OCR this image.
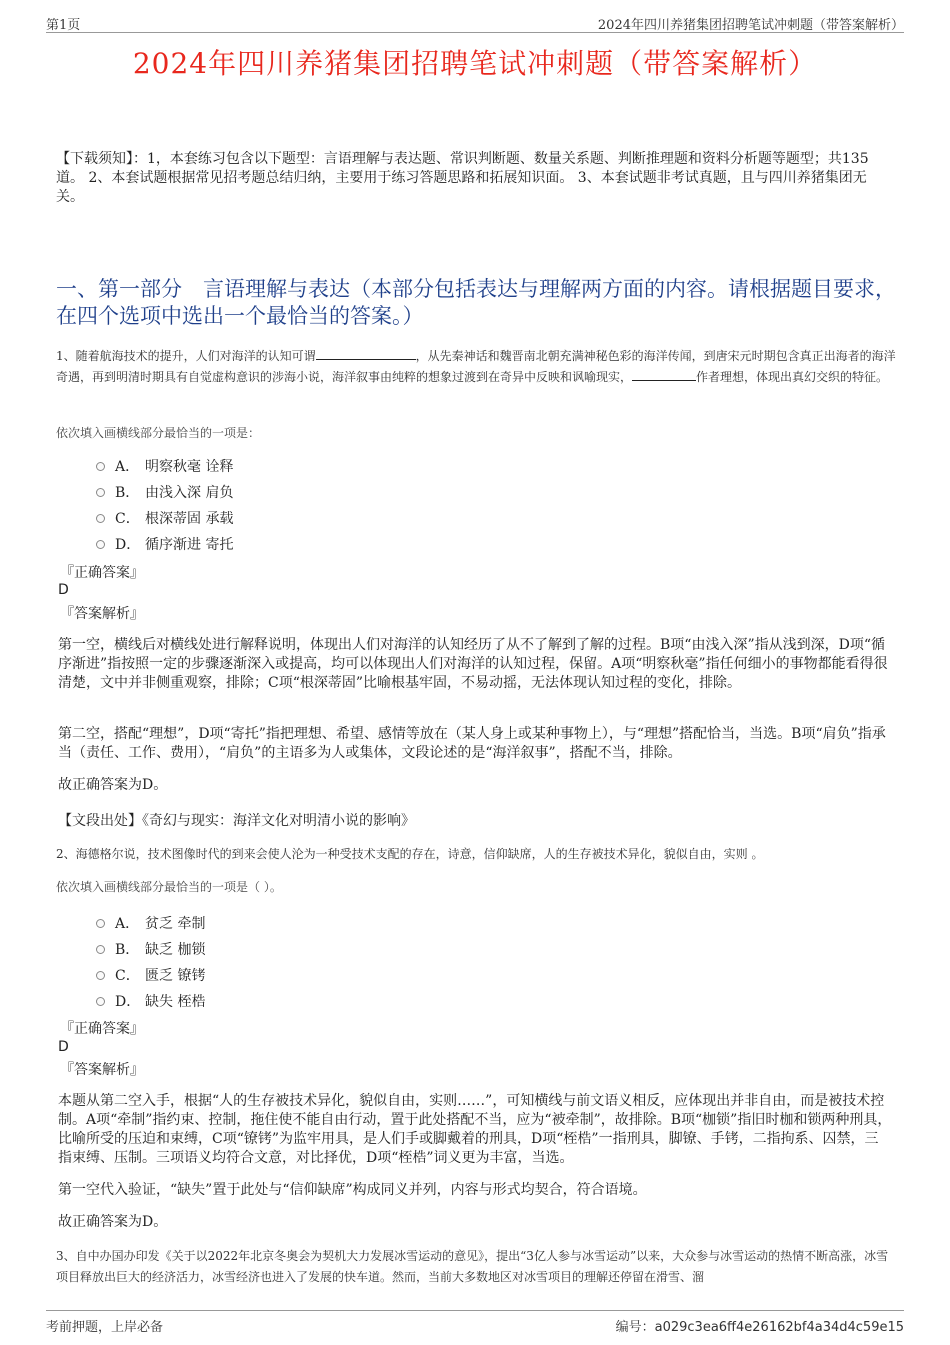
第1页	2024年四川养猪集团招聘笔试冲刺题（带答案解析）
2024年四川养猪集团招聘笔试冲刺题（带答案解析）
【下载须知】：1，本套练习包含以下题型：言语理解与表达题、常识判断题、数量关系题、判断推理题和资料分析题等题型；共135道。 2、本套试题根据常见招考题总结归纳，主要用于练习答题思路和拓展知识面。 3、本套试题非考试真题，且与四川养猪集团无关。
一、第一部分　言语理解与表达（本部分包括表达与理解两方面的内容。请根据题目要求，在四个选项中选出一个最恰当的答案。）
1、随着航海技术的提升，人们对海洋的认知可谓	，从先秦神话和魏晋南北朝充满神秘色彩的海洋传闻，到唐宋元时期包含真正出海者的海洋奇遇，再到明清时期具有自觉虚构意识的涉海小说，海洋叙事由纯粹的想象过渡到在奇异中反映和讽喻现实，	作者理想，体现出真幻交织的特征。
依次填入画横线部分最恰当的一项是：
A． 明察秋毫 诠释
B． 由浅入深 肩负
C． 根深蒂固 承载
D． 循序渐进 寄托
『正确答案』
D
『答案解析』
第一空，横线后对横线处进行解释说明，体现出人们对海洋的认知经历了从不了解到了解的过程。B项“由浅入深”指从浅到深，D项“循序渐进”指按照一定的步骤逐渐深入或提高，均可以体现出人们对海洋的认知过程，保留。A项“明察秋毫”指任何细小的事物都能看得很清楚，文中并非侧重观察，排除；C项“根深蒂固”比喻根基牢固，不易动摇，无法体现认知过程的变化，排除。
第二空，搭配“理想”，D项“寄托”指把理想、希望、感情等放在（某人身上或某种事物上），与“理想”搭配恰当，当选。B项“肩负”指承当（责任、工作、费用），“肩负”的主语多为人或集体，文段论述的是“海洋叙事”，搭配不当，排除。
故正确答案为D。
【文段出处】《奇幻与现实：海洋文化对明清小说的影响》
2、海德格尔说，技术图像时代的到来会使人沦为一种受技术支配的存在，诗意，信仰缺席，人的生存被技术异化，貌似自由，实则 。
依次填入画横线部分最恰当的一项是（ ）。
A． 贫乏 牵制
B． 缺乏 枷锁
C． 匮乏 镣铐
D． 缺失 桎梏
『正确答案』
D
『答案解析』
本题从第二空入手，根据“人的生存被技术异化，貌似自由，实则……”，可知横线与前文语义相反，应体现出并非自由，而是被技术控制。A项“牵制”指约束、控制，拖住使不能自由行动，置于此处搭配不当，应为“被牵制”，故排除。B项“枷锁”指旧时枷和锁两种刑具，比喻所受的压迫和束缚，C项“镣铐”为监牢用具，是人们手或脚戴着的刑具，D项“桎梏”一指刑具，脚镣、手铐，二指拘系、囚禁，三指束缚、压制。三项语义均符合文意，对比择优，D项“桎梏”词义更为丰富，当选。
第一空代入验证，“缺失”置于此处与“信仰缺席”构成同义并列，内容与形式均契合，符合语境。
故正确答案为D。
3、自中办国办印发《关于以2022年北京冬奥会为契机大力发展冰雪运动的意见》，提出“3亿人参与冰雪运动”以来，大众参与冰雪运动的热情不断高涨，冰雪项目释放出巨大的经济活力，冰雪经济也进入了发展的快车道。然而，当前大多数地区对冰雪项目的理解还停留在滑雪、溜
考前押题，上岸必备	编号：a029c3ea6ff4e26162bf4a34d4c59e15
